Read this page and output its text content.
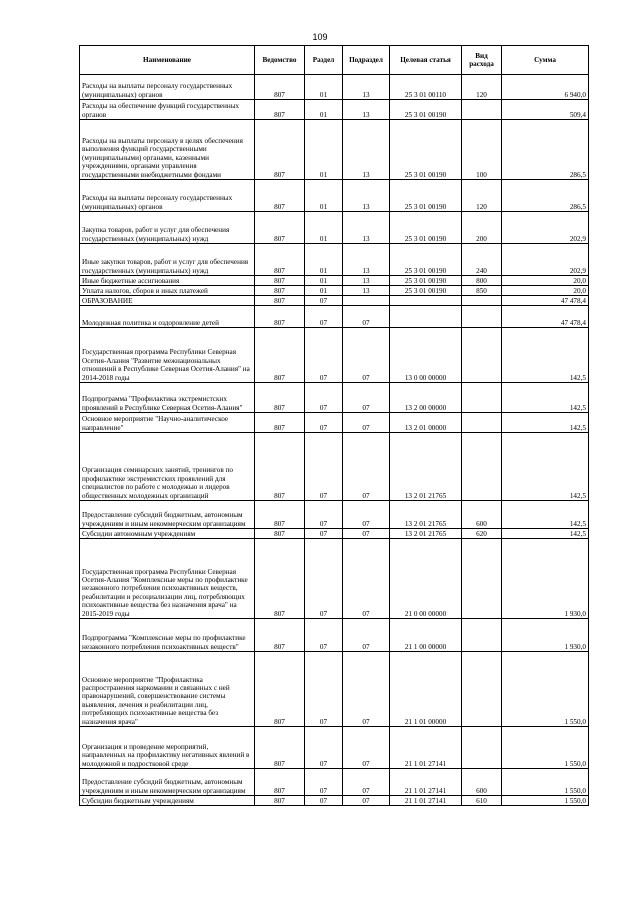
109
Наименование	Ведомство	Раздел	Подраздел	Целевая статья	Вид расхода	Сумма
Расходы на выплаты персоналу государственных (муниципальных) органов	807	01	13	25 3 01 00110	120	6 940,0
Расходы на обеспечение функций государственных органов	807	01	13	25 3 01 00190		509,4
Расходы на выплаты персоналу в целях обеспечения выполнения функций государственными (муниципальными) органами, казенными учреждениями, органами управления государственными внебюджетными фондами	807	01	13	25 3 01 00190	100	286,5
Расходы на выплаты персоналу государственных (муниципальных) органов	807	01	13	25 3 01 00190	120	286,5
Закупка товаров, работ и услуг для обеспечения государственных (муниципальных) нужд	807	01	13	25 3 01 00190	200	202,9
Иные закупки товаров, работ и услуг для обеспечения государственных (муниципальных) нужд	807	01	13	25 3 01 00190	240	202,9
Иные бюджетные ассигнования	807	01	13	25 3 01 00190	800	20,0
Уплата налогов, сборов и иных платежей	807	01	13	25 3 01 00190	850	20,0
ОБРАЗОВАНИЕ	807	07				47 478,4
Молодежная политика и оздоровление детей	807	07	07			47 478,4
Государственная программа Республики Северная Осетия-Алания "Развитие межнациональных отношений в Республике Северная Осетия-Алания" на 2014-2018 годы	807	07	07	13 0 00 00000		142,5
Подпрограмма "Профилактика экстремистских проявлений в Республике Северная Осетия-Алания"	807	07	07	13 2 00 00000		142,5
Основное мероприятие "Научно-аналитическое направление"	807	07	07	13 2 01 00000		142,5
Организация семинарских занятий, тренингов по профилактике экстремистских проявлений для специалистов по работе с молодежью и лидеров общественных молодежных организаций	807	07	07	13 2 01 21765		142,5
Предоставление субсидий бюджетным, автономным учреждениям и иным некоммерческим организациям	807	07	07	13 2 01 21765	600	142,5
Субсидии автономным учреждениям	807	07	07	13 2 01 21765	620	142,5
Государственная программа Республики Северная Осетия-Алания "Комплексные меры по профилактике незаконного потребления психоактивных веществ, реабилитации и ресоциализации лиц, потребляющих психоактивные вещества без назначения врача" на 2015-2019 годы	807	07	07	21 0 00 00000		1 930,0
Подпрограмма "Комплексные меры по профилактике незаконного потребления психоактивных веществ"	807	07	07	21 1 00 00000		1 930,0
Основное мероприятие "Профилактика распространения наркомании и связанных с ней правонарушений, совершенствование системы выявления, лечения и реабилитации лиц, потребляющих психоактивные вещества без назначения врача"	807	07	07	21 1 01 00000		1 550,0
Организация и проведение мероприятий, направленных на профилактику негативных явлений в молодежной и подростковой среде	807	07	07	21 1 01 27141		1 550,0
Предоставление субсидий бюджетным, автономным учреждениям и иным некоммерческим организациям	807	07	07	21 1 01 27141	600	1 550,0
Субсидии бюджетным учреждениям	807	07	07	21 1 01 27141	610	1 550,0
